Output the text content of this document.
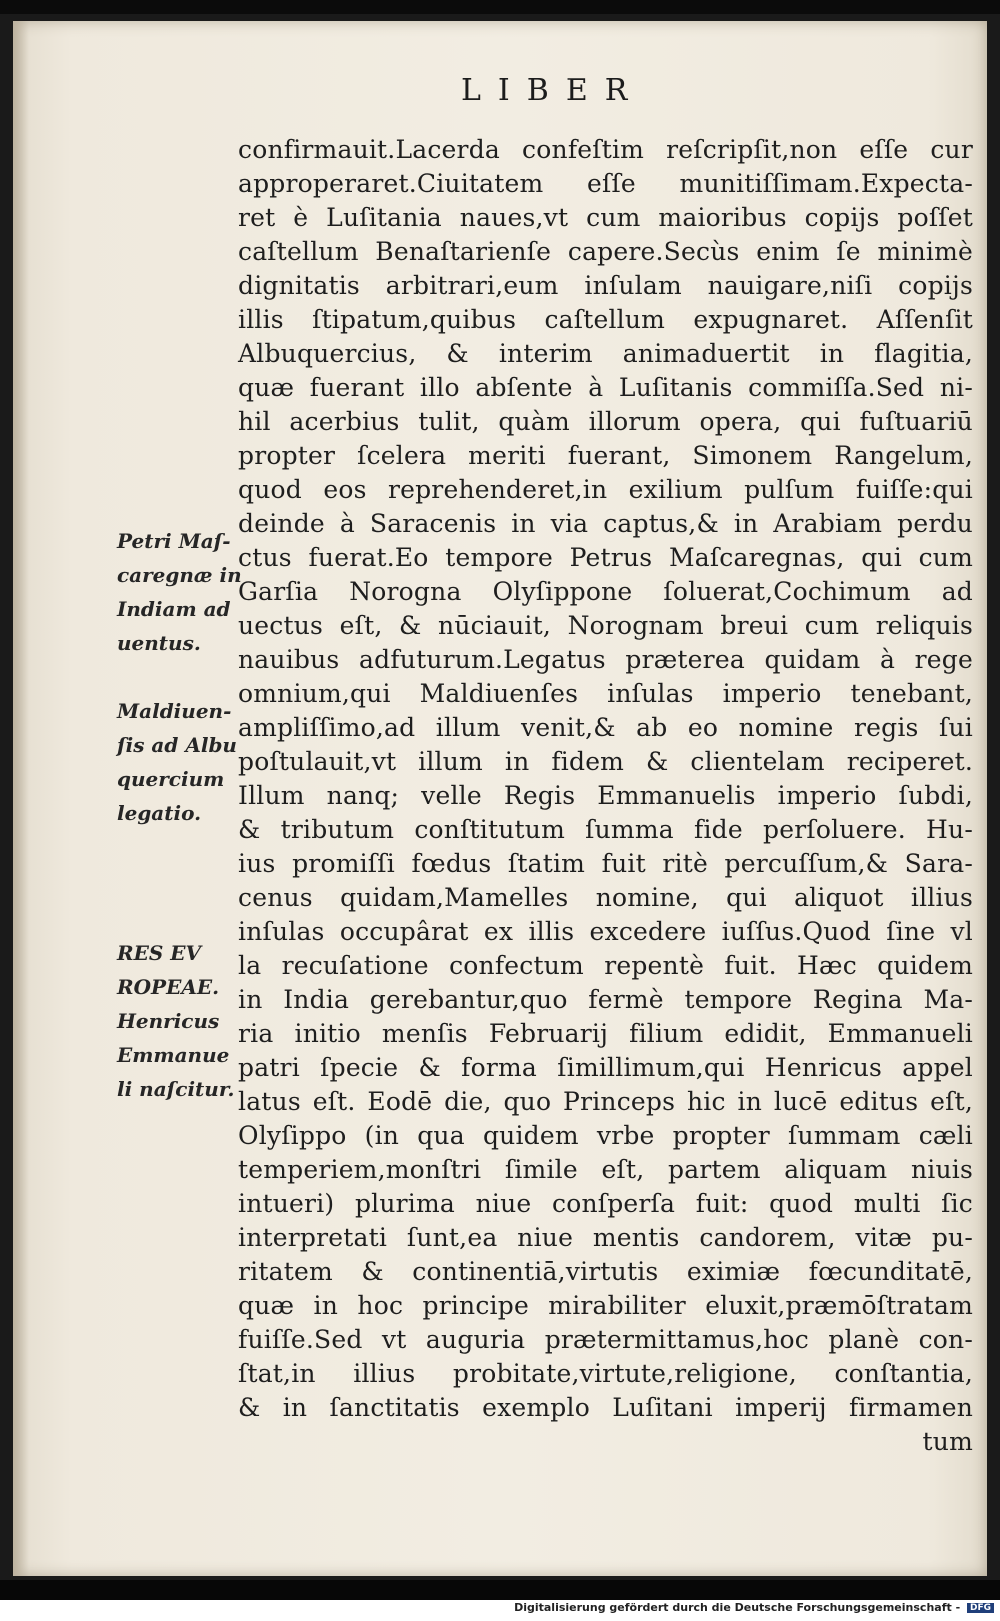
LIBER
confirmauit.Lacerda confeſtim reſcripſit,non eſſe cur
approperaret.Ciuitatem eſſe munitiſſimam.Expecta-
ret è Luſitania naues,vt cum maioribus copijs poſſet
caſtellum Benaſtarienſe capere.Secùs enim ſe minimè
dignitatis arbitrari,eum inſulam nauigare,niſi copijs
illis ſtipatum,quibus caſtellum expugnaret. Aſſenſit
Albuquercius, & interim animaduertit in flagitia,
quæ fuerant illo abſente à Luſitanis commiſſa.Sed ni-
hil acerbius tulit, quàm illorum opera, qui fuſtuariū
propter ſcelera meriti fuerant, Simonem Rangelum,
quod eos reprehenderet,in exilium pulſum fuiſſe:qui
deinde à Saracenis in via captus,& in Arabiam perdu
ctus fuerat.Eo tempore Petrus Maſcaregnas, qui cum
Garſia Norogna Olyſippone ſoluerat,Cochimum ad
uectus eſt, & nūciauit, Norognam breui cum reliquis
nauibus adfuturum.Legatus præterea quidam à rege
omnium,qui Maldiuenſes inſulas imperio tenebant,
ampliſſimo,ad illum venit,& ab eo nomine regis ſui
poſtulauit,vt illum in fidem & clientelam reciperet.
Illum nanq; velle Regis Emmanuelis imperio ſubdi,
& tributum conſtitutum ſumma fide perſoluere. Hu-
ius promiſſi fœdus ſtatim fuit ritè percuſſum,& Sara-
cenus quidam,Mamelles nomine, qui aliquot illius
inſulas occupârat ex illis excedere iuſſus.Quod ſine vl
la recuſatione confectum repentè fuit. Hæc quidem
in India gerebantur,quo fermè tempore Regina Ma-
ria initio menſis Februarij filium edidit, Emmanueli
patri ſpecie & forma ſimillimum,qui Henricus appel
latus eſt. Eodē die, quo Princeps hic in lucē editus eſt,
Olyſippo (in qua quidem vrbe propter ſummam cæli
temperiem,monſtri ſimile eſt, partem aliquam niuis
intueri) plurima niue conſperſa fuit: quod multi ſic
interpretati ſunt,ea niue mentis candorem, vitæ pu-
ritatem & continentiā,virtutis eximiæ fœcunditatē,
quæ in hoc principe mirabiliter eluxit,præmōſtratam
fuiſſe.Sed vt auguria prætermittamus,hoc planè con-
ſtat,in illius probitate,virtute,religione, conſtantia,
& in ſanctitatis exemplo Luſitani imperij firmamen
tum
Petri Maſ-
caregnæ in
Indiam ad
uentus.
Maldiuen-
ſis ad Albu
quercium
legatio.
RES EV
ROPEAE.
Henricus
Emmanue
li naſcitur.
Digitalisierung gefördert durch die Deutsche Forschungsgemeinschaft - DFG
